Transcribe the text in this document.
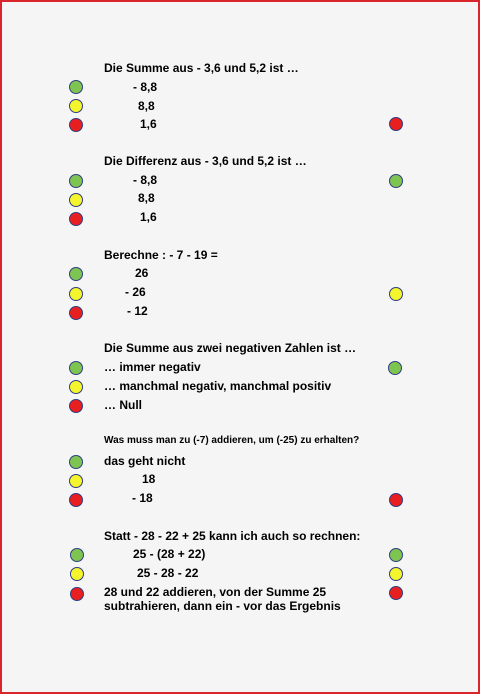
Die Summe aus - 3,6 und 5,2 ist …
- 8,8
8,8
1,6
Die Differenz aus - 3,6 und 5,2 ist …
- 8,8
8,8
1,6
Berechne : - 7 - 19 =
26
- 26
- 12
Die Summe aus zwei negativen Zahlen ist …
… immer negativ
… manchmal negativ, manchmal positiv
… Null
Was muss man zu (-7) addieren, um (-25) zu erhalten?
das geht nicht
18
- 18
Statt - 28 - 22 + 25 kann ich auch so rechnen:
25 - (28 + 22)
25 - 28 - 22
28 und 22 addieren, von der Summe 25 subtrahieren, dann ein - vor das Ergebnis
